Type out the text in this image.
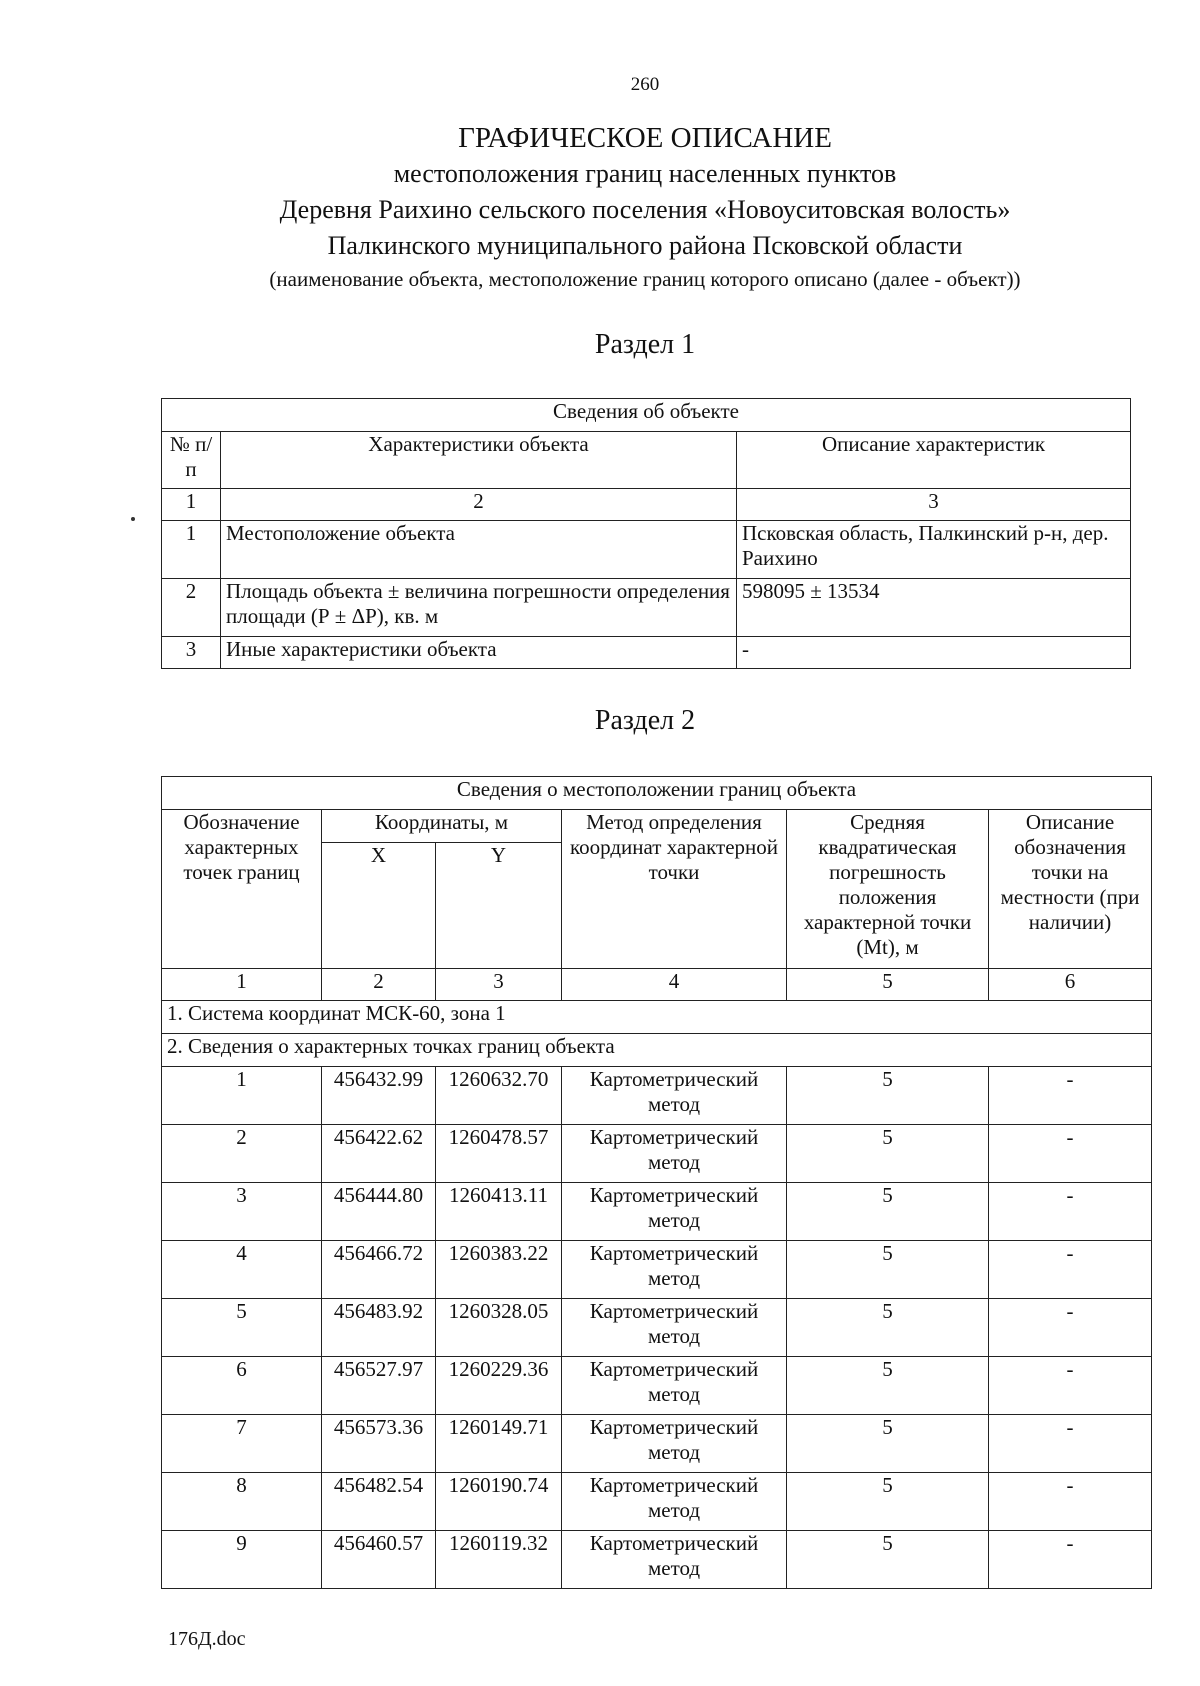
260
ГРАФИЧЕСКОЕ ОПИСАНИЕ
местоположения границ населенных пунктов
Деревня Раихино сельского поселения «Новоуситовская волость»
Палкинского муниципального района Псковской области
(наименование объекта, местоположение границ которого описано (далее - объект))
Раздел 1
Сведения об объекте		
№ п/п	Характеристики объекта	Описание характеристик
1	2	3
1	Местоположение объекта	Псковская область, Палкинский р-н, дер. Раихино
2	Площадь объекта ± величина погрешности определения площади (Р ± ΔР), кв. м	598095 ± 13534
3	Иные характеристики объекта	-
Раздел 2
Сведения о местоположении границ объекта					
Обозначение характерных точек границ	Координаты, м		Метод определения координат характерной точки	Средняя квадратическая погрешность положения характерной точки (Mt), м	Описание обозначения точки на местности (при наличии)
	X	Y			
1	2	3	4	5	6
1. Система координат МСК-60, зона 1					
2. Сведения о характерных точках границ объекта					
1	456432.99	1260632.70	Картометрический метод	5	-
2	456422.62	1260478.57	Картометрический метод	5	-
3	456444.80	1260413.11	Картометрический метод	5	-
4	456466.72	1260383.22	Картометрический метод	5	-
5	456483.92	1260328.05	Картометрический метод	5	-
6	456527.97	1260229.36	Картометрический метод	5	-
7	456573.36	1260149.71	Картометрический метод	5	-
8	456482.54	1260190.74	Картометрический метод	5	-
9	456460.57	1260119.32	Картометрический метод	5	-
176Д.doc
